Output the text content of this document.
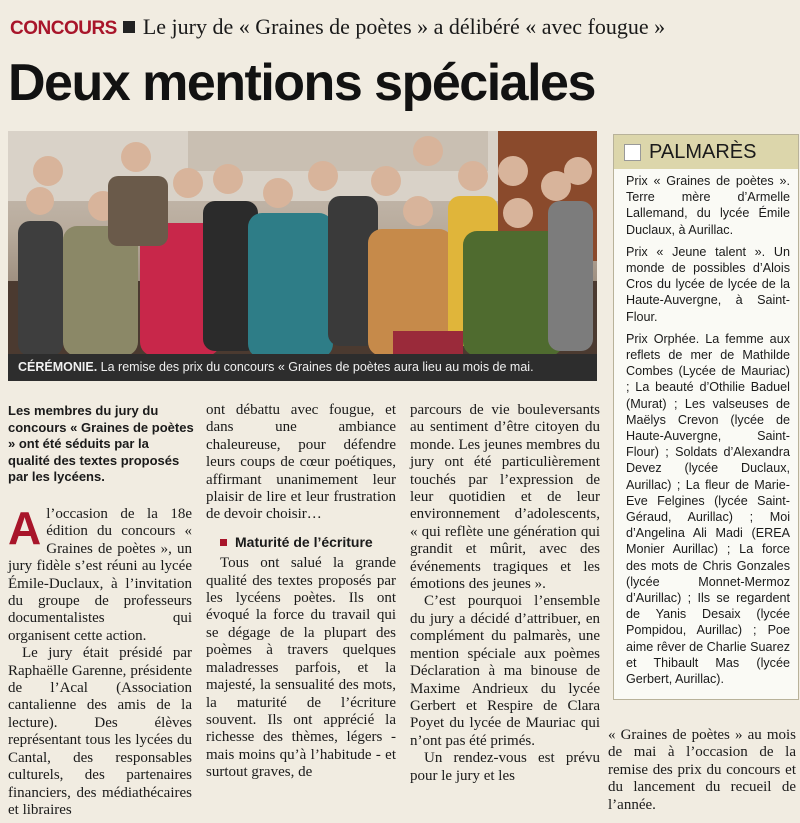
CONCOURS Le jury de « Graines de poètes » a délibéré « avec fougue »
Deux mentions spéciales
CÉRÉMONIE. La remise des prix du concours « Graines de poètes aura lieu au mois de mai.
PALMARÈS

Prix « Graines de poètes ». Terre mère d’Armelle Lallemand, du lycée Émile Duclaux, à Aurillac.

Prix « Jeune talent ». Un monde de possibles d’Alois Cros du lycée de lycée de la Haute-Auvergne, à Saint-Flour.

Prix Orphée. La femme aux reflets de mer de Mathilde Combes (Lycée de Mauriac) ; La beauté d’Othilie Baduel (Murat) ; Les valseuses de Maëlys Crevon (lycée de Haute-Auvergne, Saint-Flour) ; Soldats d’Alexandra Devez (lycée Duclaux, Aurillac) ; La fleur de Marie-Eve Felgines (lycée Saint-Géraud, Aurillac) ; Moi d’Angelina Ali Madi (EREA Monier Aurillac) ; La force des mots de Chris Gonzales (lycée Monnet-Mermoz d’Aurillac) ; Ils se regardent de Yanis Desaix (lycée Pompidou, Aurillac) ; Poe aime rêver de Charlie Suarez et Thibault Mas (lycée Gerbert, Aurillac).

Les membres du jury du concours « Graines de poètes » ont été séduits par la qualité des textes proposés par les lycéens.

Al’occasion de la 18e édition du concours « Graines de poètes », un jury fidèle s’est réuni au lycée Émile-Duclaux, à l’invitation du groupe de professeurs documentalistes qui organisent cette action.

Le jury était présidé par Raphaëlle Garenne, présidente de l’Acal (Association cantalienne des amis de la lecture). Des élèves représentant tous les lycées du Cantal, des responsables culturels, des partenaires financiers, des médiathécaires et libraires

ont débattu avec fougue, et dans une ambiance chaleureuse, pour défendre leurs coups de cœur poétiques, affirmant unanimement leur plaisir de lire et leur frustration de devoir choisir…

Maturité de l’écriture

Tous ont salué la grande qualité des textes proposés par les lycéens poètes. Ils ont évoqué la force du travail qui se dégage de la plupart des poèmes à travers quelques maladresses parfois, et la majesté, la sensualité des mots, la maturité de l’écriture souvent. Ils ont apprécié la richesse des thèmes, légers - mais moins qu’à l’habitude - et surtout graves, de

parcours de vie bouleversants au sentiment d’être citoyen du monde. Les jeunes membres du jury ont été particulièrement touchés par l’expression de leur quotidien et de leur environnement d’adolescents, « qui reflète une génération qui grandit et mûrit, avec des événements tragiques et les émotions des jeunes ».

C’est pourquoi l’ensemble du jury a décidé d’attribuer, en complément du palmarès, une mention spéciale aux poèmes Déclaration à ma binouse de Maxime Andrieux du lycée Gerbert et Respire de Clara Poyet du lycée de Mauriac qui n’ont pas été primés.

Un rendez-vous est prévu pour le jury et les

« Graines de poètes » au mois de mai à l’occasion de la remise des prix du concours et du lancement du recueil de l’année.
